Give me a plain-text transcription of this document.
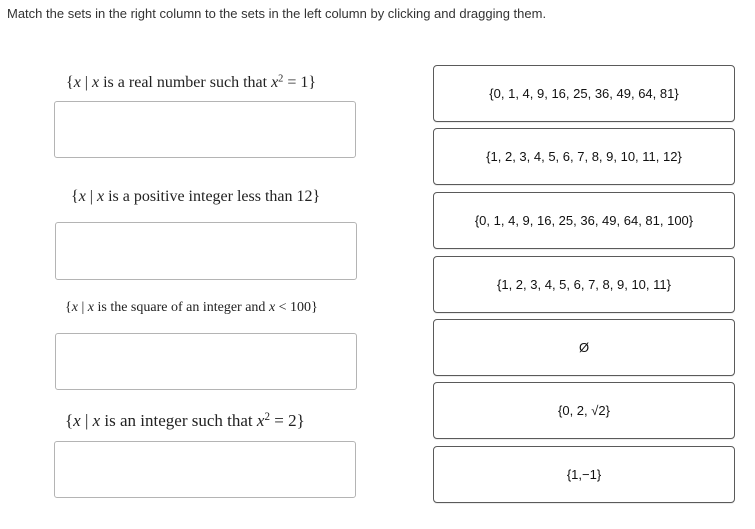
Match the sets in the right column to the sets in the left column by clicking and dragging them.
{x | x is a real number such that $x^2 = 1$}
{x | x is a positive integer less than 12}
{x | x is the square of an integer and x < 100}
{x | x is an integer such that $x^2 = 2$}
{0, 1, 4, 9, 16, 25, 36, 49, 64, 81}
{1, 2, 3, 4, 5, 6, 7, 8, 9, 10, 11, 12}
{0, 1, 4, 9, 16, 25, 36, 49, 64, 81, 100}
{1, 2, 3, 4, 5, 6, 7, 8, 9, 10, 11}
Ø
{0, 2, √2}
{1,−1}
